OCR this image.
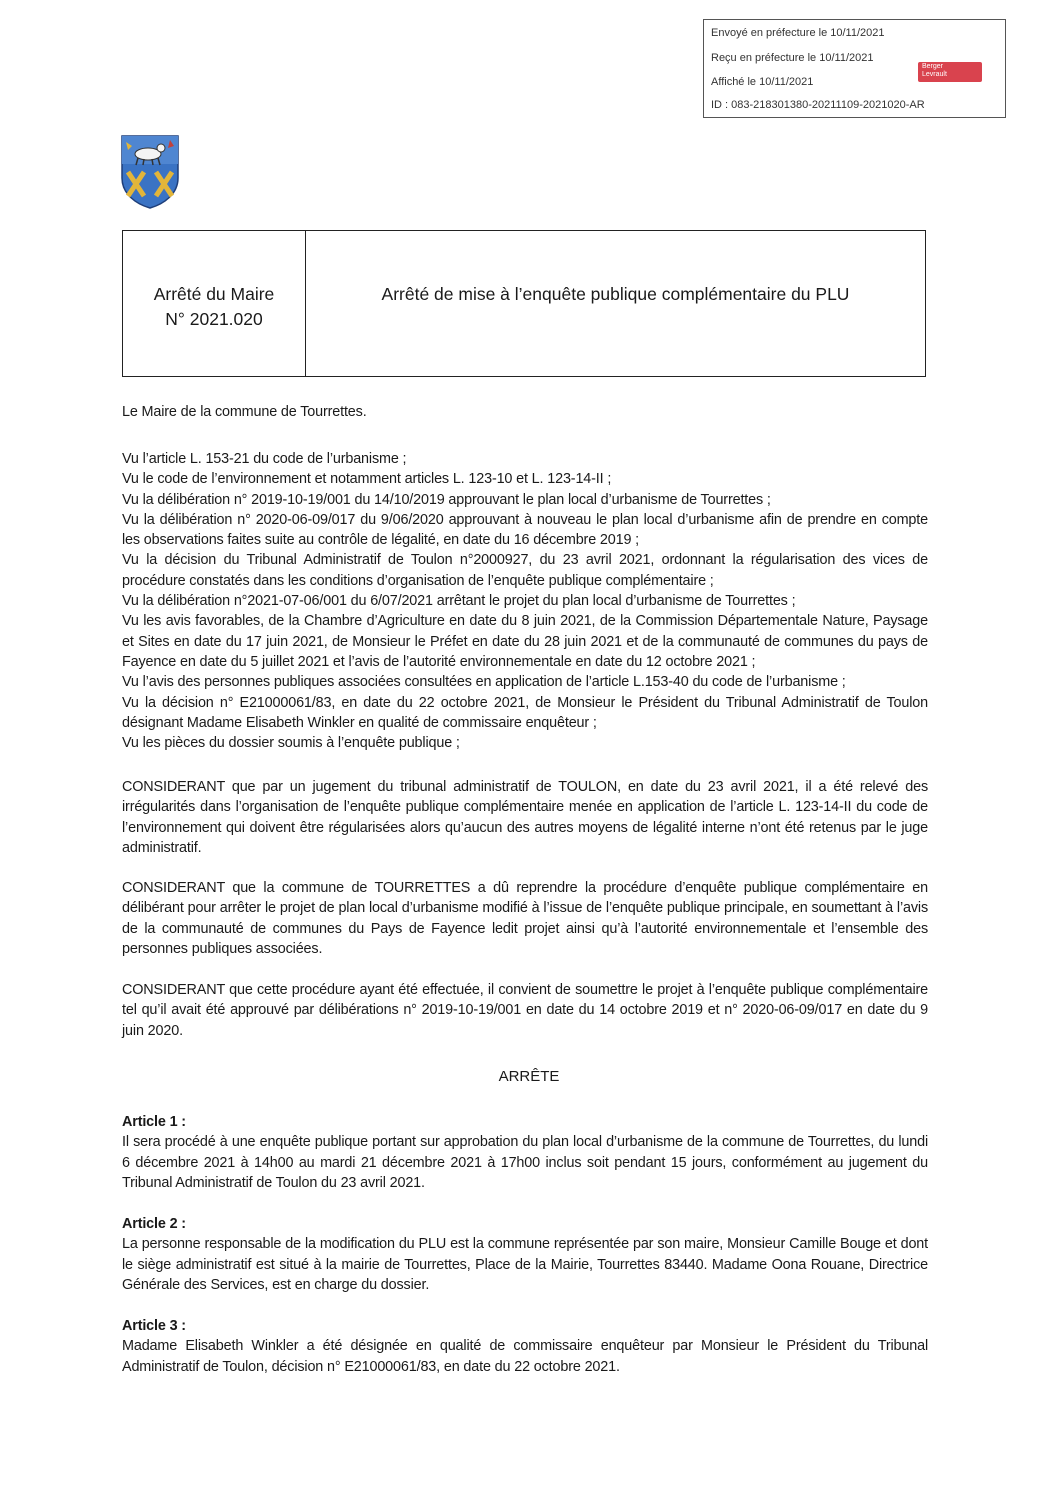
Envoyé en préfecture le 10/11/2021
Reçu en préfecture le 10/11/2021
Affiché le 10/11/2021
ID : 083-218301380-20211109-2021020-AR
Berger
Levrault
Arrêté du Maire
N° 2021.020
Arrêté de mise à l’enquête publique complémentaire du PLU

Le Maire de la commune de Tourrettes.

Vu l’article L. 153-21 du code de l’urbanisme ;

Vu le code de l’environnement et notamment articles L. 123-10 et L. 123-14-II ;

Vu la délibération n° 2019-10-19/001 du 14/10/2019 approuvant le plan local d’urbanisme de Tourrettes ;

Vu la délibération n° 2020-06-09/017 du 9/06/2020 approuvant à nouveau le plan local d’urbanisme afin de prendre en compte les observations faites suite au contrôle de légalité, en date du 16 décembre 2019 ;

Vu la décision du Tribunal Administratif de Toulon n°2000927, du 23 avril 2021, ordonnant la régularisation des vices de procédure constatés dans les conditions d’organisation de l’enquête publique complémentaire ;

Vu la délibération n°2021-07-06/001 du 6/07/2021 arrêtant le projet du plan local d’urbanisme de Tourrettes ;

Vu les avis favorables, de la Chambre d’Agriculture en date du 8 juin 2021, de la Commission Départementale Nature, Paysage et Sites en date du 17 juin 2021, de Monsieur le Préfet en date du 28 juin 2021 et de la communauté de communes du pays de Fayence en date du 5 juillet 2021 et l’avis de l’autorité environnementale en date du 12 octobre 2021 ;

Vu l’avis des personnes publiques associées consultées en application de l’article L.153-40 du code de l’urbanisme ;

Vu la décision n° E21000061/83, en date du 22 octobre 2021, de Monsieur le Président du Tribunal Administratif de Toulon désignant Madame Elisabeth Winkler en qualité de commissaire enquêteur ;

Vu les pièces du dossier soumis à l’enquête publique ;

CONSIDERANT que par un jugement du tribunal administratif de TOULON, en date du 23 avril 2021, il a été relevé des irrégularités dans l’organisation de l’enquête publique complémentaire menée en application de l’article L. 123-14-II du code de l’environnement qui doivent être régularisées alors qu’aucun des autres moyens de légalité interne n’ont été retenus par le juge administratif.

CONSIDERANT que la commune de TOURRETTES a dû reprendre la procédure d’enquête publique complémentaire en délibérant pour arrêter le projet de plan local d’urbanisme modifié à l’issue de l’enquête publique principale, en soumettant à l’avis de la communauté de communes du Pays de Fayence ledit projet ainsi qu’à l’autorité environnementale et l’ensemble des personnes publiques associées.

CONSIDERANT que cette procédure ayant été effectuée, il convient de soumettre le projet à l’enquête publique complémentaire tel qu’il avait été approuvé par délibérations n° 2019-10-19/001 en date du 14 octobre 2019 et n° 2020-06-09/017 en date du 9 juin 2020.

ARRÊTE

Article 1 :

Il sera procédé à une enquête publique portant sur approbation du plan local d’urbanisme de la commune de Tourrettes, du lundi 6 décembre 2021 à 14h00 au mardi 21 décembre 2021 à 17h00 inclus soit pendant 15 jours, conformément au jugement du Tribunal Administratif de Toulon du 23 avril 2021.

Article 2 :

La personne responsable de la modification du PLU est la commune représentée par son maire, Monsieur Camille Bouge et dont le siège administratif est situé à la mairie de Tourrettes, Place de la Mairie, Tourrettes 83440. Madame Oona Rouane, Directrice Générale des Services, est en charge du dossier.

Article 3 :

Madame Elisabeth Winkler a été désignée en qualité de commissaire enquêteur par Monsieur le Président du Tribunal Administratif de Toulon, décision n° E21000061/83, en date du 22 octobre 2021.
